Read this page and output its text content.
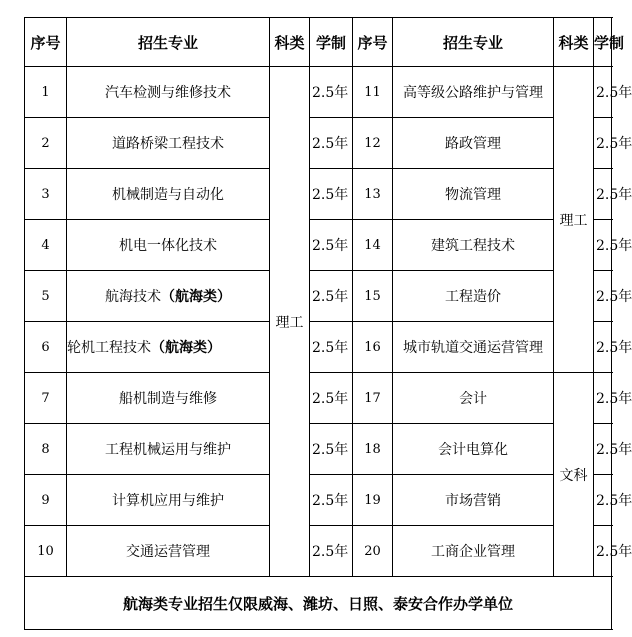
序号	招生专业	科类	学制	序号	招生专业	科类	学制
1	汽车检测与维修技术	理工	2.5年	11	高等级公路维护与管理	理工	2.5年
2	道路桥梁工程技术		2.5年	12	路政管理		2.5年
3	机械制造与自动化		2.5年	13	物流管理		2.5年
4	机电一体化技术		2.5年	14	建筑工程技术		2.5年
5	航海技术（航海类）		2.5年	15	工程造价		2.5年
6	轮机工程技术（航海类）		2.5年	16	城市轨道交通运营管理		2.5年
7	船机制造与维修		2.5年	17	会计	文科	2.5年
8	工程机械运用与维护		2.5年	18	会计电算化		2.5年
9	计算机应用与维护		2.5年	19	市场营销		2.5年
10	交通运营管理		2.5年	20	工商企业管理		2.5年
航海类专业招生仅限威海、潍坊、日照、泰安合作办学单位							
